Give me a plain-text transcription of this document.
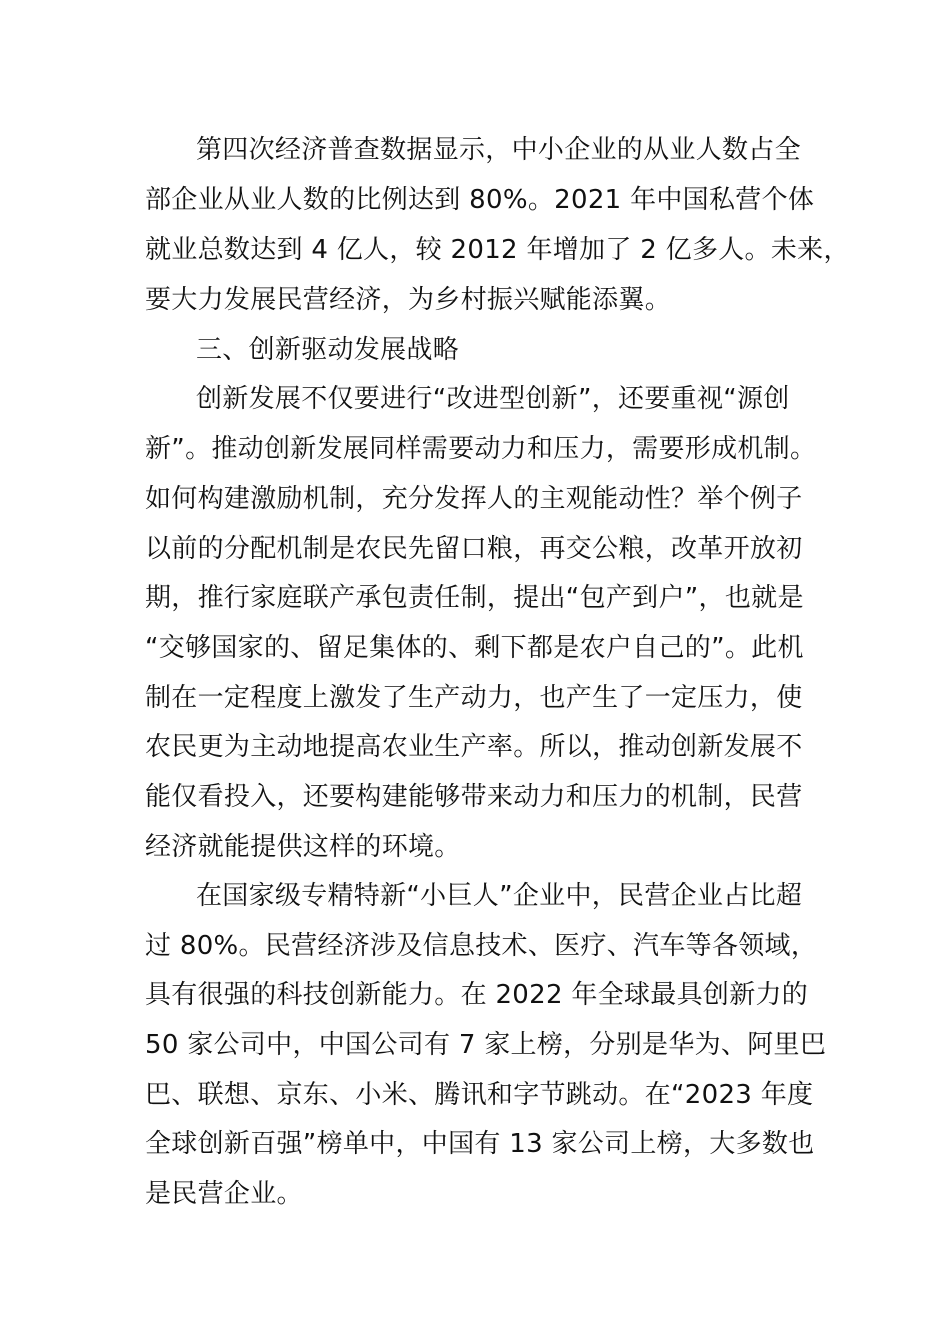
第四次经济普查数据显示，中小企业的从业人数占全
部企业从业人数的比例达到 80%。2021 年中国私营个体
就业总数达到 4 亿人，较 2012 年增加了 2 亿多人。未来，
要大力发展民营经济，为乡村振兴赋能添翼。
三、创新驱动发展战略
创新发展不仅要进行“改进型创新”，还要重视“源创
新”。推动创新发展同样需要动力和压力，需要形成机制。
如何构建激励机制，充分发挥人的主观能动性？举个例子
以前的分配机制是农民先留口粮，再交公粮，改革开放初
期，推行家庭联产承包责任制，提出“包产到户”，也就是
“交够国家的、留足集体的、剩下都是农户自己的”。此机
制在一定程度上激发了生产动力，也产生了一定压力，使
农民更为主动地提高农业生产率。所以，推动创新发展不
能仅看投入，还要构建能够带来动力和压力的机制，民营
经济就能提供这样的环境。
在国家级专精特新“小巨人”企业中，民营企业占比超
过 80%。民营经济涉及信息技术、医疗、汽车等各领域，
具有很强的科技创新能力。在 2022 年全球最具创新力的
50 家公司中，中国公司有 7 家上榜，分别是华为、阿里巴
巴、联想、京东、小米、腾讯和字节跳动。在“2023 年度
全球创新百强”榜单中，中国有 13 家公司上榜，大多数也
是民营企业。
